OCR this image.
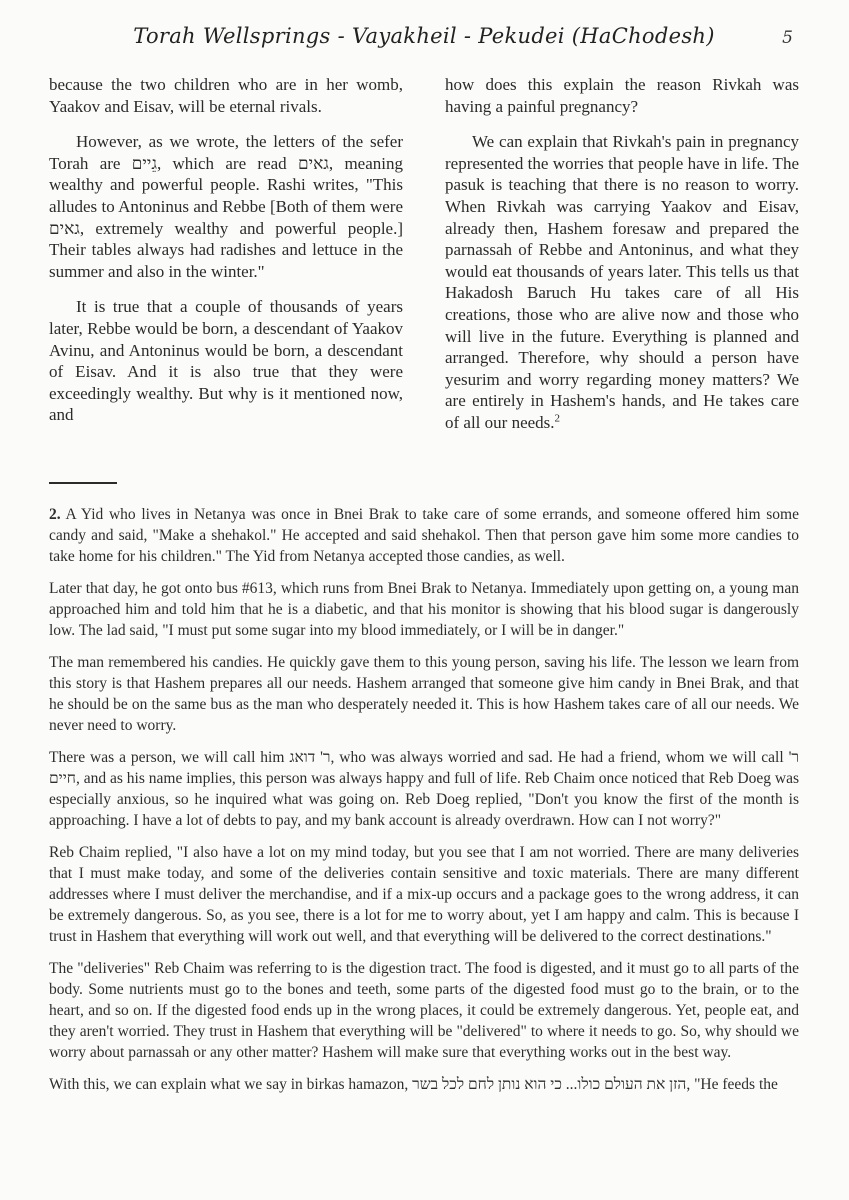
Torah Wellsprings - Vayakheil - Pekudei (HaChodesh)	5

because the two children who are in her womb, Yaakov and Eisav, will be eternal rivals.

However, as we wrote, the letters of the sefer Torah are גֵיים, which are read גאים, meaning wealthy and powerful people. Rashi writes, "This alludes to Antoninus and Rebbe [Both of them were גאים, extremely wealthy and powerful people.] Their tables always had radishes and lettuce in the summer and also in the winter."

It is true that a couple of thousands of years later, Rebbe would be born, a descendant of Yaakov Avinu, and Antoninus would be born, a descendant of Eisav. And it is also true that they were exceedingly wealthy. But why is it mentioned now, and

how does this explain the reason Rivkah was having a painful pregnancy?

We can explain that Rivkah's pain in pregnancy represented the worries that people have in life. The pasuk is teaching that there is no reason to worry. When Rivkah was carrying Yaakov and Eisav, already then, Hashem foresaw and prepared the parnassah of Rebbe and Antoninus, and what they would eat thousands of years later. This tells us that Hakadosh Baruch Hu takes care of all His creations, those who are alive now and those who will live in the future. Everything is planned and arranged. Therefore, why should a person have yesurim and worry regarding money matters? We are entirely in Hashem's hands, and He takes care of all our needs.$^2$

2. A Yid who lives in Netanya was once in Bnei Brak to take care of some errands, and someone offered him some candy and said, "Make a shehakol." He accepted and said shehakol. Then that person gave him some more candies to take home for his children." The Yid from Netanya accepted those candies, as well.

Later that day, he got onto bus #613, which runs from Bnei Brak to Netanya. Immediately upon getting on, a young man approached him and told him that he is a diabetic, and that his monitor is showing that his blood sugar is dangerously low. The lad said, "I must put some sugar into my blood immediately, or I will be in danger."

The man remembered his candies. He quickly gave them to this young person, saving his life. The lesson we learn from this story is that Hashem prepares all our needs. Hashem arranged that someone give him candy in Bnei Brak, and that he should be on the same bus as the man who desperately needed it. This is how Hashem takes care of all our needs. We never need to worry.

There was a person, we will call him ר' דואג, who was always worried and sad. He had a friend, whom we will call ר' חיים, and as his name implies, this person was always happy and full of life. Reb Chaim once noticed that Reb Doeg was especially anxious, so he inquired what was going on. Reb Doeg replied, "Don't you know the first of the month is approaching. I have a lot of debts to pay, and my bank account is already overdrawn. How can I not worry?"

Reb Chaim replied, "I also have a lot on my mind today, but you see that I am not worried. There are many deliveries that I must make today, and some of the deliveries contain sensitive and toxic materials. There are many different addresses where I must deliver the merchandise, and if a mix-up occurs and a package goes to the wrong address, it can be extremely dangerous. So, as you see, there is a lot for me to worry about, yet I am happy and calm. This is because I trust in Hashem that everything will work out well, and that everything will be delivered to the correct destinations."

The "deliveries" Reb Chaim was referring to is the digestion tract. The food is digested, and it must go to all parts of the body. Some nutrients must go to the bones and teeth, some parts of the digested food must go to the brain, or to the heart, and so on. If the digested food ends up in the wrong places, it could be extremely dangerous. Yet, people eat, and they aren't worried. They trust in Hashem that everything will be "delivered" to where it needs to go. So, why should we worry about parnassah or any other matter? Hashem will make sure that everything works out in the best way.

With this, we can explain what we say in birkas hamazon, הזן את העולם כולו... כי הוא נותן לחם לכל בשר, "He feeds the
